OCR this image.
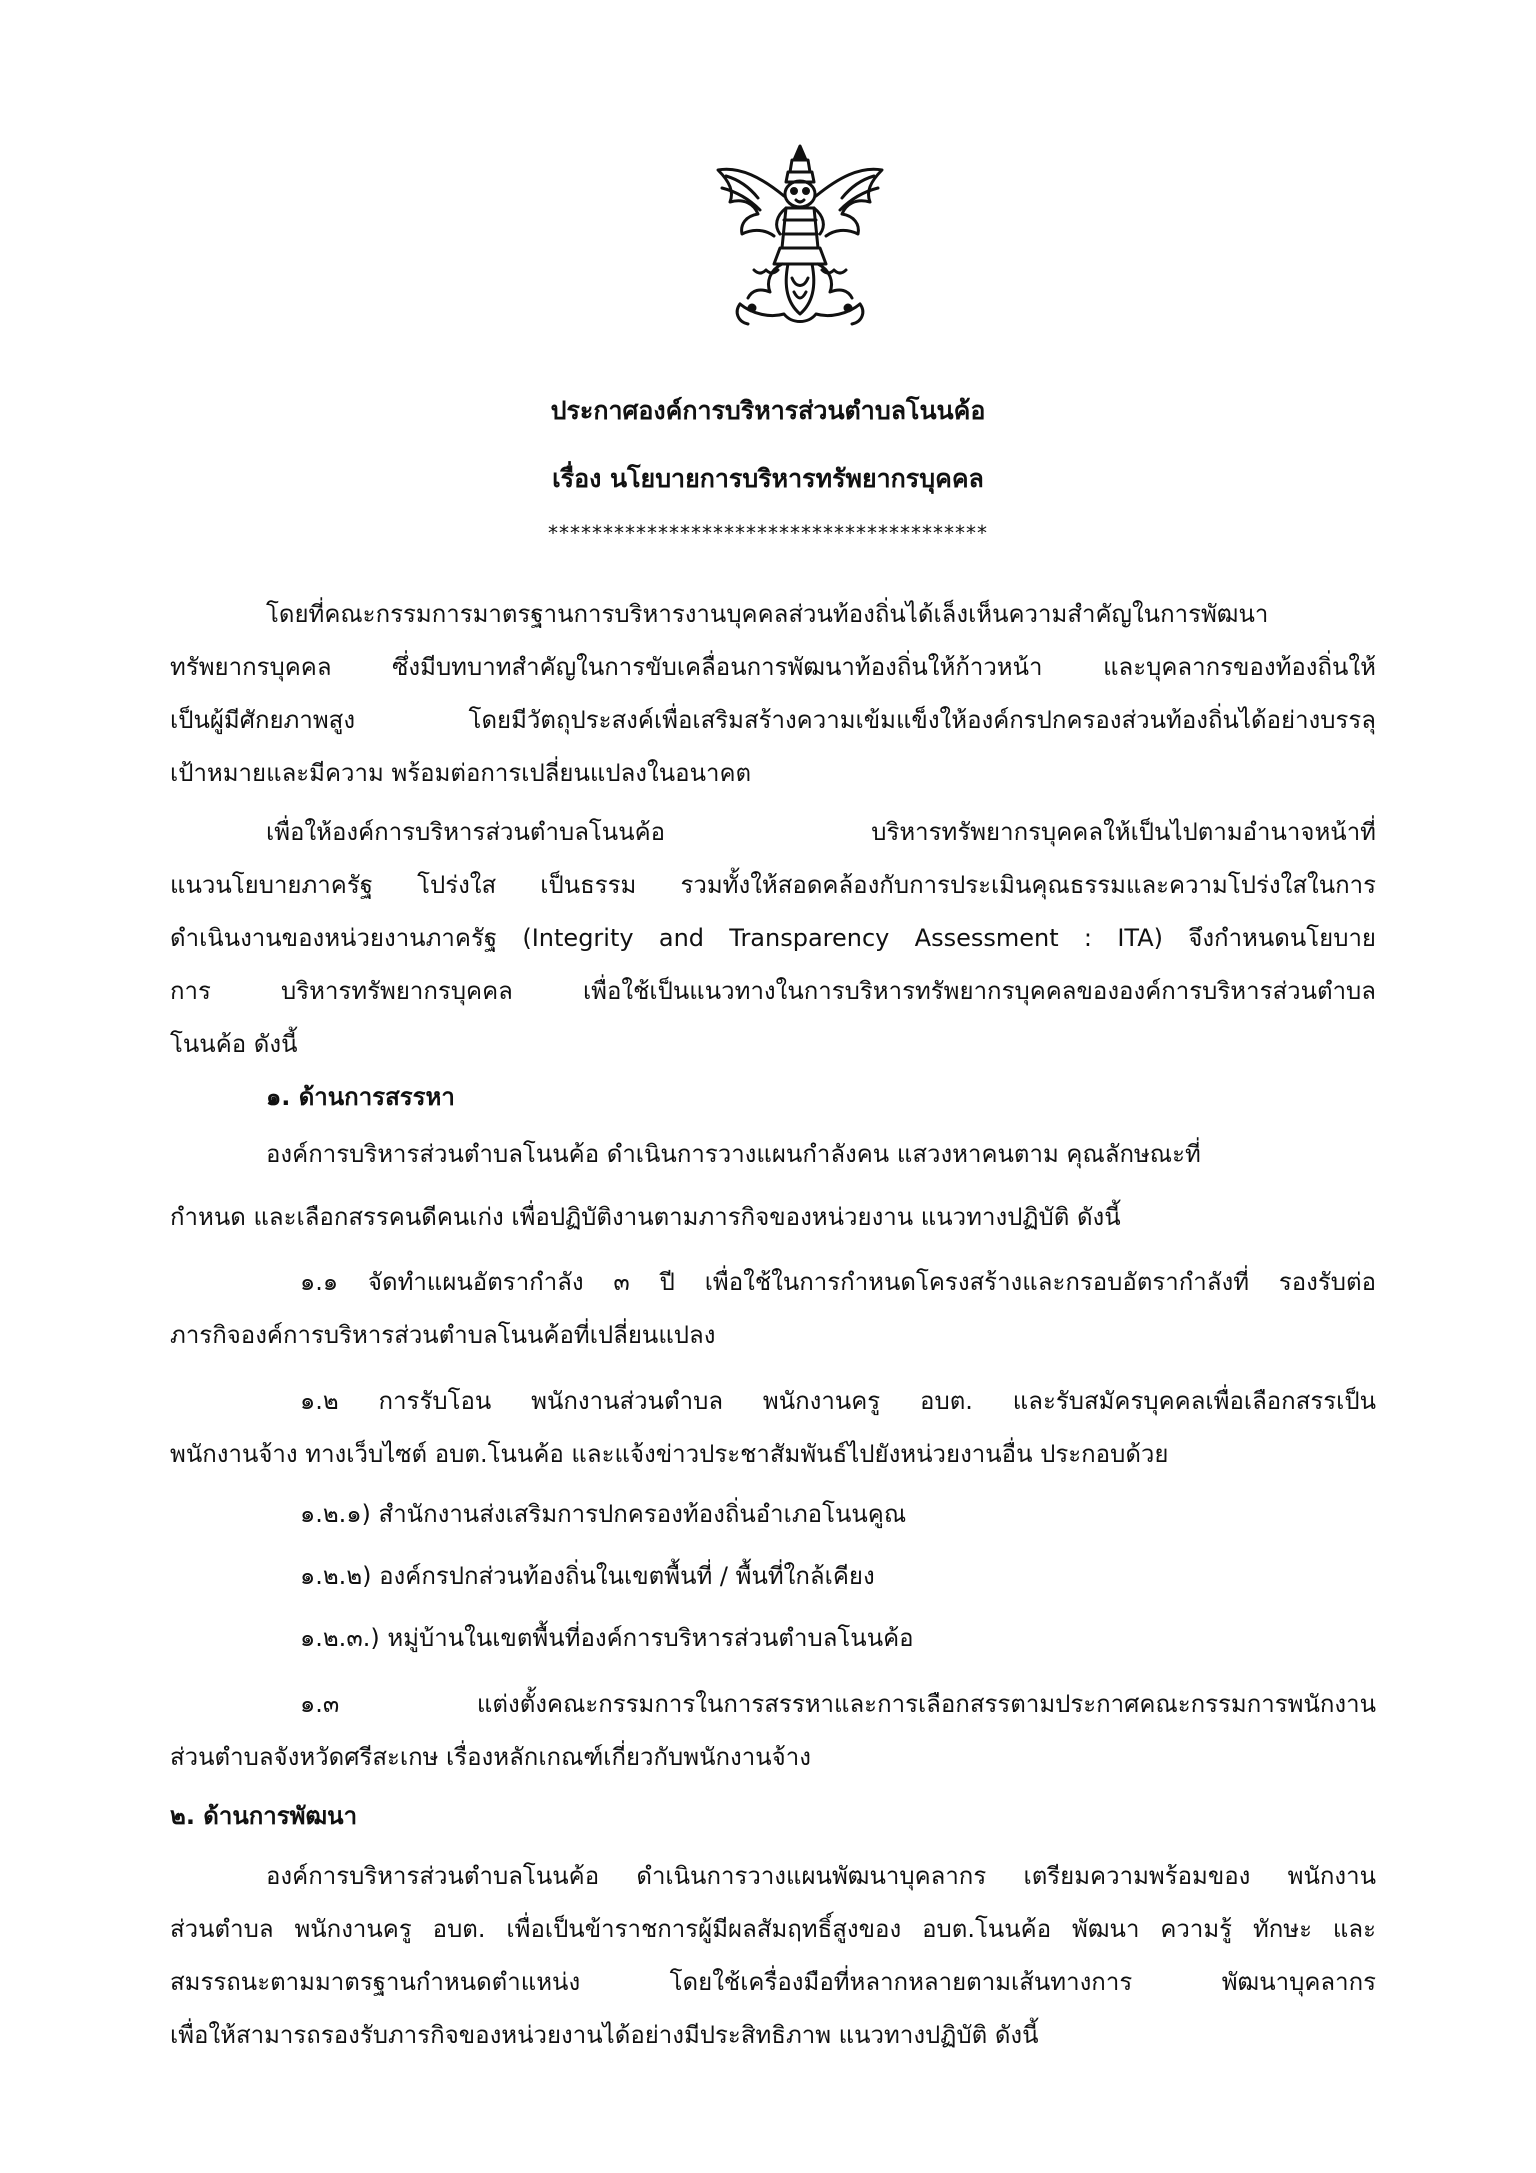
ประกาศองค์การบริหารส่วนตำบลโนนค้อ
เรื่อง นโยบายการบริหารทรัพยากรบุคคล
****************************************
โดยที่คณะกรรมการมาตรฐานการบริหารงานบุคคลส่วนท้องถิ่นได้เล็งเห็นความสำคัญในการพัฒนา
ทรัพยากรบุคคล ซึ่งมีบทบาทสำคัญในการขับเคลื่อนการพัฒนาท้องถิ่นให้ก้าวหน้า และบุคลากรของท้องถิ่นให้
เป็นผู้มีศักยภาพสูง โดยมีวัตถุประสงค์เพื่อเสริมสร้างความเข้มแข็งให้องค์กรปกครองส่วนท้องถิ่นได้อย่างบรรลุ
เป้าหมายและมีความ พร้อมต่อการเปลี่ยนแปลงในอนาคต
เพื่อให้องค์การบริหารส่วนตำบลโนนค้อ บริหารทรัพยากรบุคคลให้เป็นไปตามอำนาจหน้าที่
แนวนโยบายภาครัฐ โปร่งใส เป็นธรรม รวมทั้งให้สอดคล้องกับการประเมินคุณธรรมและความโปร่งใสในการ
ดำเนินงานของหน่วยงานภาครัฐ (Integrity and Transparency Assessment : ITA) จึงกำหนดนโยบาย
การ บริหารทรัพยากรบุคคล เพื่อใช้เป็นแนวทางในการบริหารทรัพยากรบุคคลขององค์การบริหารส่วนตำบล
โนนค้อ ดังนี้
๑. ด้านการสรรหา
องค์การบริหารส่วนตำบลโนนค้อ ดำเนินการวางแผนกำลังคน แสวงหาคนตาม คุณลักษณะที่
กำหนด และเลือกสรรคนดีคนเก่ง เพื่อปฏิบัติงานตามภารกิจของหน่วยงาน แนวทางปฏิบัติ ดังนี้
๑.๑ จัดทำแผนอัตรากำลัง ๓ ปี เพื่อใช้ในการกำหนดโครงสร้างและกรอบอัตรากำลังที่ รองรับต่อ
ภารกิจองค์การบริหารส่วนตำบลโนนค้อที่เปลี่ยนแปลง
๑.๒ การรับโอน พนักงานส่วนตำบล พนักงานครู อบต. และรับสมัครบุคคลเพื่อเลือกสรรเป็น
พนักงานจ้าง ทางเว็บไซต์ อบต.โนนค้อ และแจ้งข่าวประชาสัมพันธ์ไปยังหน่วยงานอื่น ประกอบด้วย
๑.๒.๑) สำนักงานส่งเสริมการปกครองท้องถิ่นอำเภอโนนคูณ
๑.๒.๒) องค์กรปกส่วนท้องถิ่นในเขตพื้นที่ / พื้นที่ใกล้เคียง
๑.๒.๓.) หมู่บ้านในเขตพื้นที่องค์การบริหารส่วนตำบลโนนค้อ
๑.๓ แต่งตั้งคณะกรรมการในการสรรหาและการเลือกสรรตามประกาศคณะกรรมการพนักงาน
ส่วนตำบลจังหวัดศรีสะเกษ เรื่องหลักเกณฑ์เกี่ยวกับพนักงานจ้าง
๒. ด้านการพัฒนา
องค์การบริหารส่วนตำบลโนนค้อ ดำเนินการวางแผนพัฒนาบุคลากร เตรียมความพร้อมของ พนักงาน
ส่วนตำบล พนักงานครู อบต. เพื่อเป็นข้าราชการผู้มีผลสัมฤทธิ์สูงของ อบต.โนนค้อ พัฒนา ความรู้ ทักษะ และ
สมรรถนะตามมาตรฐานกำหนดตำแหน่ง โดยใช้เครื่องมือที่หลากหลายตามเส้นทางการ พัฒนาบุคลากร
เพื่อให้สามารถรองรับภารกิจของหน่วยงานได้อย่างมีประสิทธิภาพ แนวทางปฏิบัติ ดังนี้
